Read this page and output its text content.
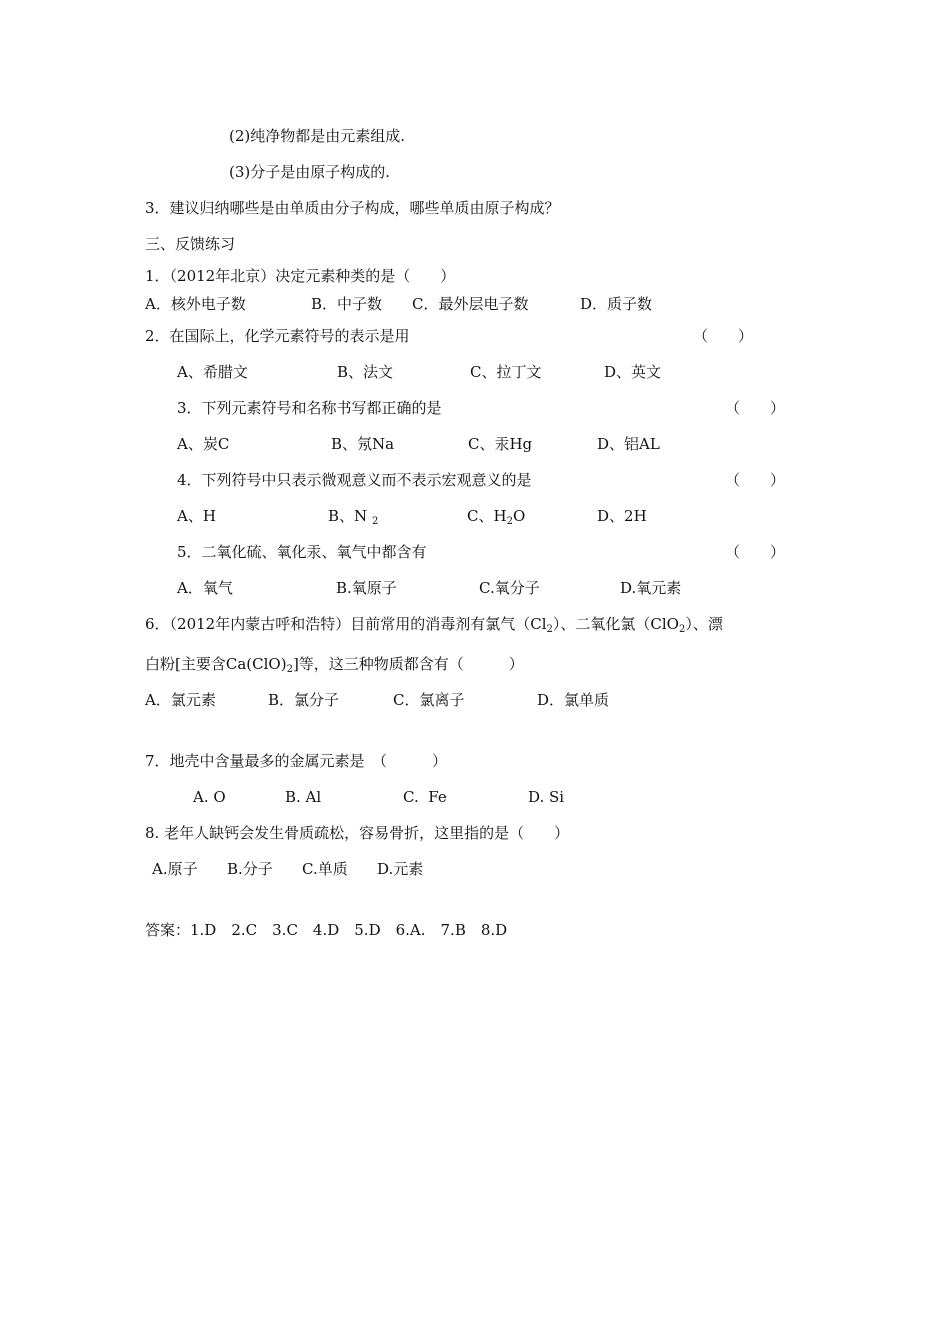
(2)纯净物都是由元素组成.
(3)分子是由原子构成的.
3．建议归纳哪些是由单质由分子构成，哪些单质由原子构成？
三、反馈练习
1．（2012年北京）决定元素种类的是（　　）
A．核外电子数	B．中子数 C．最外层电子数	D．质子数
2．在国际上，化学元素符号的表示是用	（　　）
A、希腊文	B、法文	C、拉丁文	D、英文
3．下列元素符号和名称书写都正确的是	（　　）
A、炭C	B、氖Na	C、汞Hg	D、铝AL
4．下列符号中只表示微观意义而不表示宏观意义的是	（　　）
A、H	B、N $_2$	C、$H_2O$	D、2H
5．二氧化硫、氧化汞、氧气中都含有	（　　）
A．氧气	B.氧原子	C.氧分子	D.氧元素
6．（2012年内蒙古呼和浩特）目前常用的消毒剂有氯气$(Cl_2)$、二氧化氯（ClO$_2$）、漂
白粉[主要含$Ca(ClO)_2$]等，这三种物质都含有（　　　）
A．氯元素	B．氯分子	C．氯离子	D．氯单质
7．地壳中含量最多的金属元素是　（　　　）
A. O	B. Al	C.  Fe	D. Si
8. 老年人缺钙会发生骨质疏松，容易骨折，这里指的是（　　）
A.原子 B.分子 C.单质 D.元素
答案：1.D　2.C　3.C　4.D　5.D　6.A.　7.B　8.D
